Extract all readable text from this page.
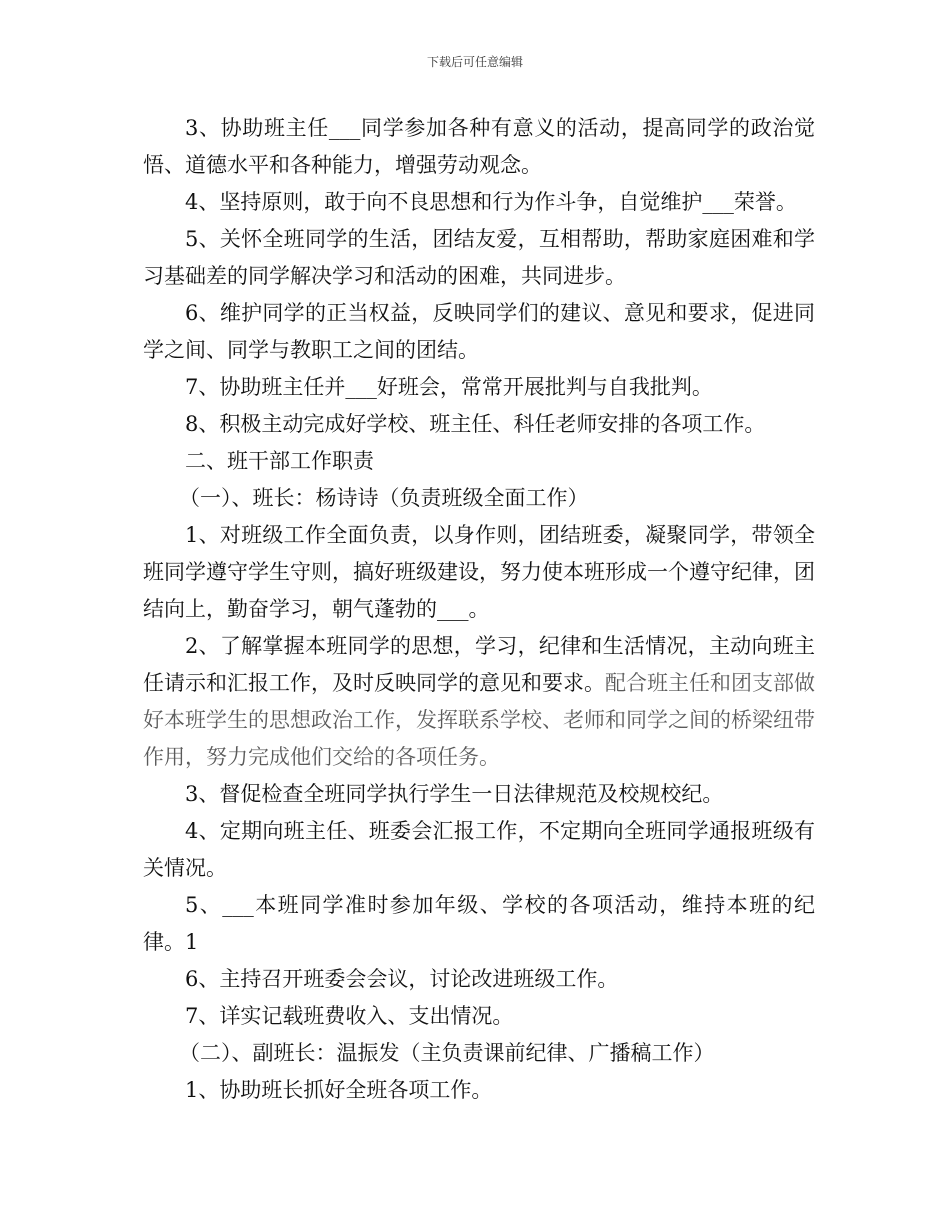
下载后可任意编辑

3、协助班主任___同学参加各种有意义的活动，提高同学的政治觉悟、道德水平和各种能力，增强劳动观念。

4、坚持原则，敢于向不良思想和行为作斗争，自觉维护___荣誉。

5、关怀全班同学的生活，团结友爱，互相帮助，帮助家庭困难和学习基础差的同学解决学习和活动的困难，共同进步。

6、维护同学的正当权益，反映同学们的建议、意见和要求，促进同学之间、同学与教职工之间的团结。

7、协助班主任并___好班会，常常开展批判与自我批判。

8、积极主动完成好学校、班主任、科任老师安排的各项工作。

二、班干部工作职责

（一）、班长：杨诗诗（负责班级全面工作）

1、对班级工作全面负责，以身作则，团结班委，凝聚同学，带领全班同学遵守学生守则，搞好班级建设，努力使本班形成一个遵守纪律，团结向上，勤奋学习，朝气蓬勃的___。

2、了解掌握本班同学的思想，学习，纪律和生活情况，主动向班主任请示和汇报工作，及时反映同学的意见和要求。配合班主任和团支部做好本班学生的思想政治工作，发挥联系学校、老师和同学之间的桥梁纽带作用，努力完成他们交给的各项任务。

3、督促检查全班同学执行学生一日法律规范及校规校纪。

4、定期向班主任、班委会汇报工作，不定期向全班同学通报班级有关情况。

5、___本班同学准时参加年级、学校的各项活动，维持本班的纪律。1

6、主持召开班委会会议，讨论改进班级工作。

7、详实记载班费收入、支出情况。

（二）、副班长：温振发（主负责课前纪律、广播稿工作）

1、协助班长抓好全班各项工作。
